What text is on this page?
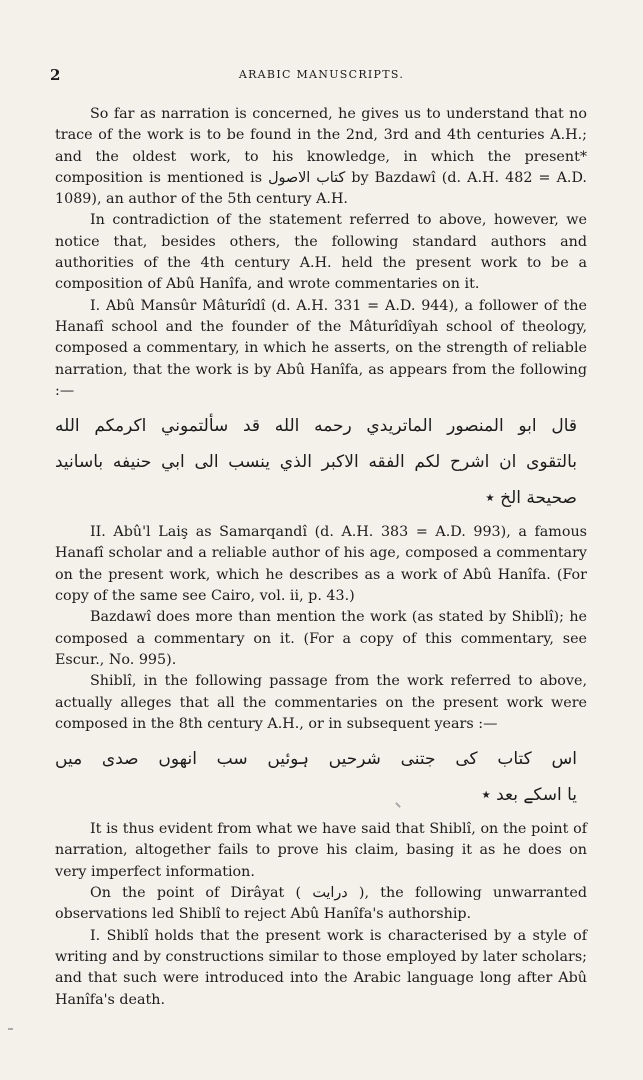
2	ARABIC MANUSCRIPTS.

So far as narration is concerned, he gives us to understand that no trace of the work is to be found in the 2nd, 3rd and 4th centuries A.H.; and the oldest work, to his knowledge, in which the present* composition is mentioned is كتاب الاصول by Bazdawî (d. A.H. 482 = A.D. 1089), an author of the 5th century A.H.

In contradiction of the statement referred to above, however, we notice that, besides others, the following standard authors and authorities of the 4th century A.H. held the present work to be a composition of Abû Hanîfa, and wrote commentaries on it.

I. Abû Mansûr Mâturîdî (d. A.H. 331 = A.D. 944), a follower of the Hanafî school and the founder of the Mâturîdîyah school of theology, composed a commentary, in which he asserts, on the strength of reliable narration, that the work is by Abû Hanîfa, as appears from the following :—

قال ابو المنصور الماتريدي رحمه الله قد سألتموني اكرمكم الله
بالتقوى ان اشرح لكم الفقه الاكبر الذي ينسب الى ابي حنيفه باسانيد
صحيحة الخ ٭

II. Abû'l Laiş as Samarqandî (d. A.H. 383 = A.D. 993), a famous Hanafî scholar and a reliable author of his age, composed a commentary on the present work, which he describes as a work of Abû Hanîfa. (For copy of the same see Cairo, vol. ii, p. 43.)

Bazdawî does more than mention the work (as stated by Shiblî); he composed a commentary on it. (For a copy of this commentary, see Escur., No. 995).

Shiblî, in the following passage from the work referred to above, actually alleges that all the commentaries on the present work were composed in the 8th century A.H., or in subsequent years :—

اس کتاب کی جتنی شرحیں ہوئیں سب انھوں صدی میں
یا اسکے بعد ٭

It is thus evident from what we have said that Shiblî, on the point of narration, altogether fails to prove his claim, basing it as he does on very imperfect information.

On the point of Dirâyat ( درایت ), the following unwarranted observations led Shiblî to reject Abû Hanîfa's authorship.

I. Shiblî holds that the present work is characterised by a style of writing and by constructions similar to those employed by later scholars; and that such were introduced into the Arabic language long after Abû Hanîfa's death.
